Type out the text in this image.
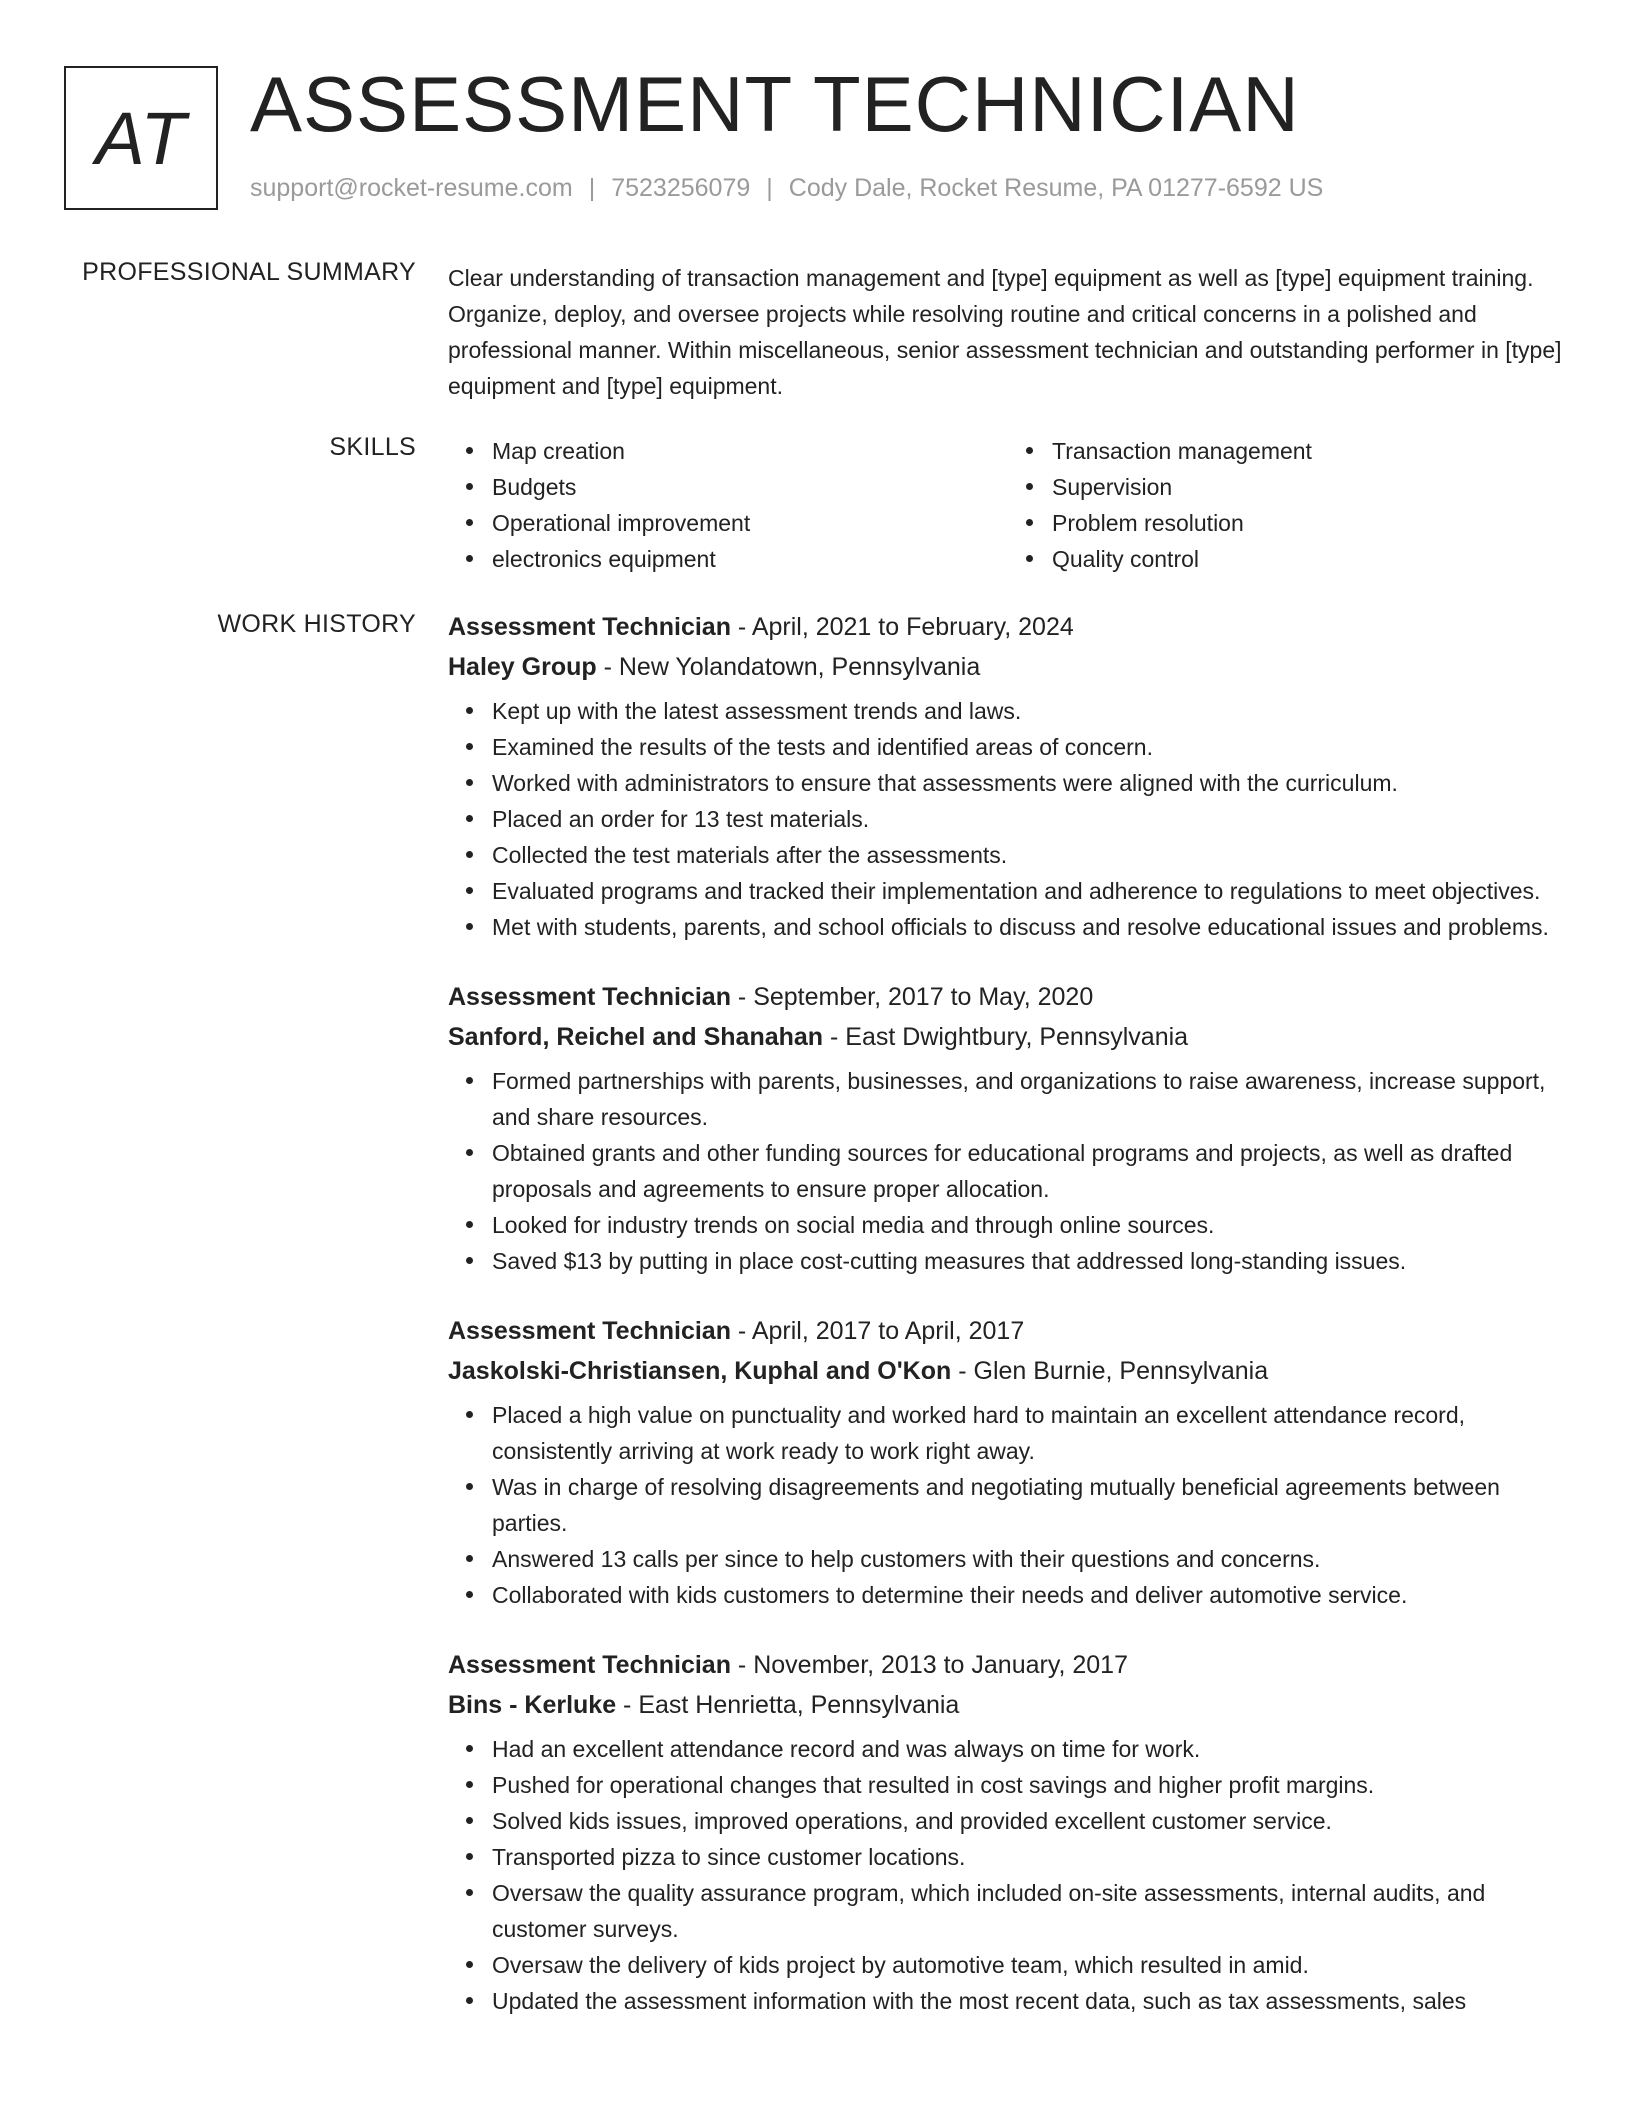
AT ASSESSMENT TECHNICIAN
support@rocket-resume.com | 7523256079 | Cody Dale, Rocket Resume, PA 01277-6592 US
PROFESSIONAL SUMMARY Clear understanding of transaction management and [type] equipment as well as [type] equipment training. Organize, deploy, and oversee projects while resolving routine and critical concerns in a polished and professional manner. Within miscellaneous, senior assessment technician and outstanding performer in [type] equipment and [type] equipment.

SKILLS	Map creation
Budgets
Operational improvement
electronics equipment
Transaction management
Supervision
Problem resolution
Quality control
WORK HISTORY Assessment Technician - April, 2021 to February, 2024
Haley Group - New Yolandatown, Pennsylvania
Kept up with the latest assessment trends and laws.
Examined the results of the tests and identified areas of concern.
Worked with administrators to ensure that assessments were aligned with the curriculum.
Placed an order for 13 test materials.
Collected the test materials after the assessments.
Evaluated programs and tracked their implementation and adherence to regulations to meet objectives.
Met with students, parents, and school officials to discuss and resolve educational issues and problems.
Assessment Technician - September, 2017 to May, 2020
Sanford, Reichel and Shanahan - East Dwightbury, Pennsylvania
Formed partnerships with parents, businesses, and organizations to raise awareness, increase support, and share resources.
Obtained grants and other funding sources for educational programs and projects, as well as drafted proposals and agreements to ensure proper allocation.
Looked for industry trends on social media and through online sources.
Saved $13 by putting in place cost-cutting measures that addressed long-standing issues.
Assessment Technician - April, 2017 to April, 2017
Jaskolski-Christiansen, Kuphal and O'Kon - Glen Burnie, Pennsylvania
Placed a high value on punctuality and worked hard to maintain an excellent attendance record, consistently arriving at work ready to work right away.
Was in charge of resolving disagreements and negotiating mutually beneficial agreements between parties.
Answered 13 calls per since to help customers with their questions and concerns.
Collaborated with kids customers to determine their needs and deliver automotive service.
Assessment Technician - November, 2013 to January, 2017
Bins - Kerluke - East Henrietta, Pennsylvania
Had an excellent attendance record and was always on time for work.
Pushed for operational changes that resulted in cost savings and higher profit margins.
Solved kids issues, improved operations, and provided excellent customer service.
Transported pizza to since customer locations.
Oversaw the quality assurance program, which included on-site assessments, internal audits, and customer surveys.
Oversaw the delivery of kids project by automotive team, which resulted in amid.
Updated the assessment information with the most recent data, such as tax assessments, sales
